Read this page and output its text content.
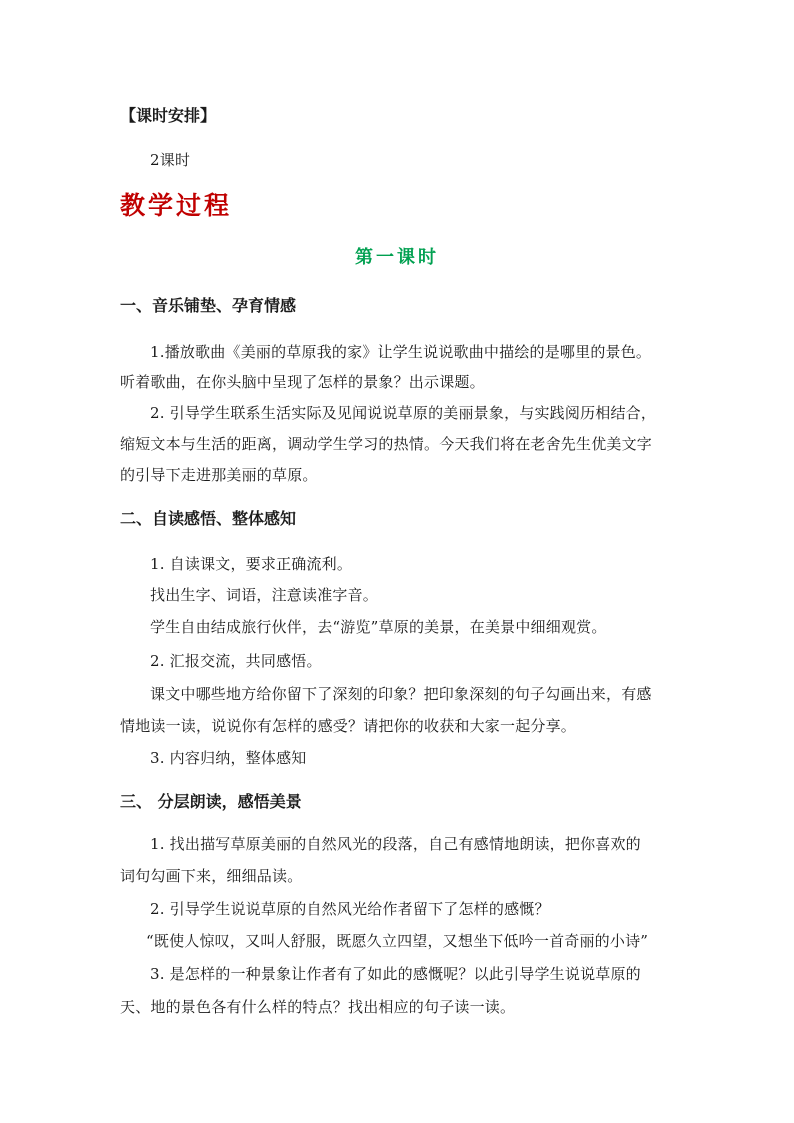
【课时安排】
2课时
教学过程
第一课时
一、音乐铺垫、孕育情感
1.播放歌曲《美丽的草原我的家》让学生说说歌曲中描绘的是哪里的景色。
听着歌曲，在你头脑中呈现了怎样的景象？出示课题。
2. 引导学生联系生活实际及见闻说说草原的美丽景象，与实践阅历相结合，
缩短文本与生活的距离，调动学生学习的热情。今天我们将在老舍先生优美文字
的引导下走进那美丽的草原。
二、自读感悟、整体感知
1. 自读课文，要求正确流利。
找出生字、词语，注意读准字音。
学生自由结成旅行伙伴，去“游览”草原的美景，在美景中细细观赏。
2. 汇报交流，共同感悟。
课文中哪些地方给你留下了深刻的印象？把印象深刻的句子勾画出来，有感
情地读一读，说说你有怎样的感受？请把你的收获和大家一起分享。
3. 内容归纳，整体感知
三、 分层朗读，感悟美景
1. 找出描写草原美丽的自然风光的段落，自己有感情地朗读，把你喜欢的
词句勾画下来，细细品读。
2. 引导学生说说草原的自然风光给作者留下了怎样的感慨？
“既使人惊叹，又叫人舒服，既愿久立四望，又想坐下低吟一首奇丽的小诗”
3. 是怎样的一种景象让作者有了如此的感慨呢？以此引导学生说说草原的
天、地的景色各有什么样的特点？找出相应的句子读一读。
